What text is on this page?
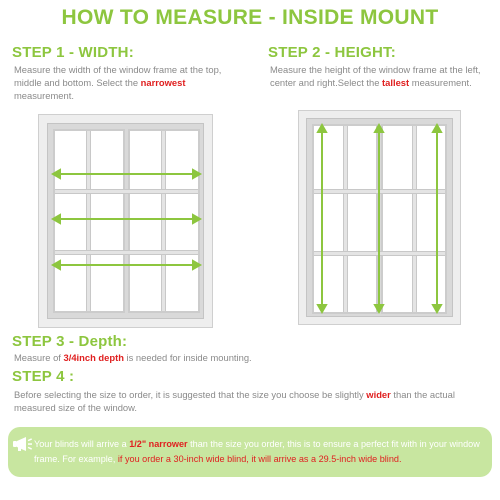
HOW TO MEASURE - INSIDE MOUNT
STEP 1 - WIDTH:
Measure the width of the window frame at the top, middle and bottom. Select the narrowest measurement.
STEP 2 - HEIGHT:
Measure the height of the window frame at the left, center and right.Select the tallest measurement.
STEP 3 - Depth:
Measure of 3/4inch depth is needed for inside mounting.
STEP 4 :
Before selecting the size to order, it is suggested that the size you choose be slightly wider than the actual measured size of the window.
Your blinds will arrive a 1/2" narrower than the size you order, this is to ensure a perfect fit with in your window frame. For example, if you order a 30-inch wide blind, it will arrive as a 29.5-inch wide blind.
